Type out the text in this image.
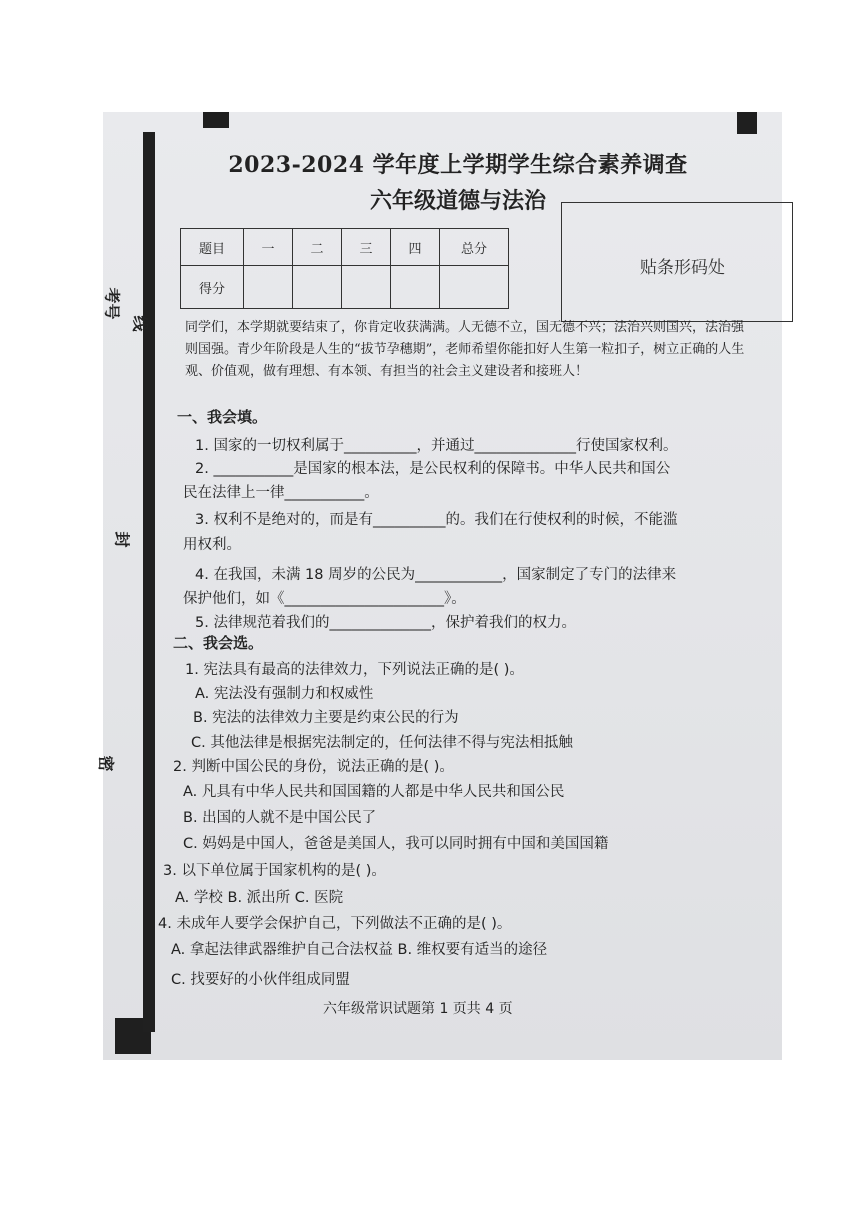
考号
线
封
密
2023-2024 学年度上学期学生综合素养调查
六年级道德与法治
贴条形码处
题目	一	二	三	四	总分
得分					
同学们，本学期就要结束了，你肯定收获满满。人无德不立，国无德不兴；法治兴则国兴，法治强则国强。青少年阶段是人生的“拔节孕穗期”，老师希望你能扣好人生第一粒扣子，树立正确的人生观、价值观，做有理想、有本领、有担当的社会主义建设者和接班人！
一、我会填。
1. 国家的一切权利属于__________，并通过______________行使国家权利。
2. ___________是国家的根本法，是公民权利的保障书。中华人民共和国公
民在法律上一律___________。
3. 权利不是绝对的，而是有__________的。我们在行使权利的时候，不能滥
用权利。
4. 在我国，未满 18 周岁的公民为____________，国家制定了专门的法律来
保护他们，如《______________________》。
5. 法律规范着我们的______________，保护着我们的权力。
二、我会选。
1. 宪法具有最高的法律效力，下列说法正确的是( )。
A. 宪法没有强制力和权威性
B. 宪法的法律效力主要是约束公民的行为
C. 其他法律是根据宪法制定的，任何法律不得与宪法相抵触
2. 判断中国公民的身份，说法正确的是( )。
A. 凡具有中华人民共和国国籍的人都是中华人民共和国公民
B. 出国的人就不是中国公民了
C. 妈妈是中国人，爸爸是美国人，我可以同时拥有中国和美国国籍
3. 以下单位属于国家机构的是( )。
A. 学校 B. 派出所 C. 医院
4. 未成年人要学会保护自己，下列做法不正确的是( )。
A. 拿起法律武器维护自己合法权益 B. 维权要有适当的途径
C. 找要好的小伙伴组成同盟
六年级常识试题第 1 页共 4 页
